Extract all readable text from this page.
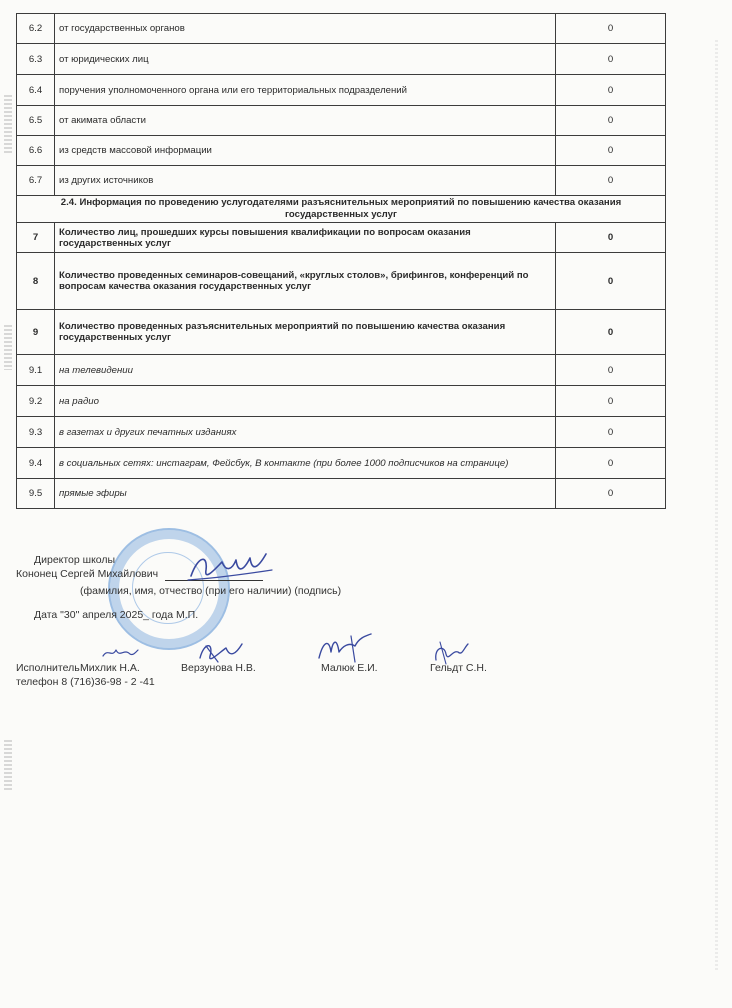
6.2	от государственных органов	0
6.3	от юридических лиц	0
6.4	поручения уполномоченного органа или его территориальных подразделений	0
6.5	от акимата области	0
6.6	из средств массовой информации	0
6.7	из других источников	0
2.4. Информация по проведению услугодателями разъяснительных мероприятий по повышению качества оказания государственных услуг		
7	Количество лиц, прошедших курсы повышения квалификации по вопросам оказания государственных услуг	0
8	Количество проведенных семинаров-совещаний, «круглых столов», брифингов, конференций по вопросам качества оказания государственных услуг	0
9	Количество проведенных разъяснительных мероприятий по повышению качества оказания государственных услуг	0
9.1	на телевидении	0
9.2	на радио	0
9.3	в газетах и других печатных изданиях	0
9.4	в социальных сетях: инстаграм, Фейсбук, В контакте (при более 1000 подписчиков на странице)	0
9.5	прямые эфиры	0
Директор школы
Кононец Сергей Михайлович
(фамилия, имя, отчество (при его наличии) (подпись)
Дата "30" апреля 2025_ года М.П.
Исполнитель Михлик Н.А.	Верзунова Н.В.	Малюк Е.И.	Гельдт С.Н.
телефон 8 (716)36-98 - 2 -41
